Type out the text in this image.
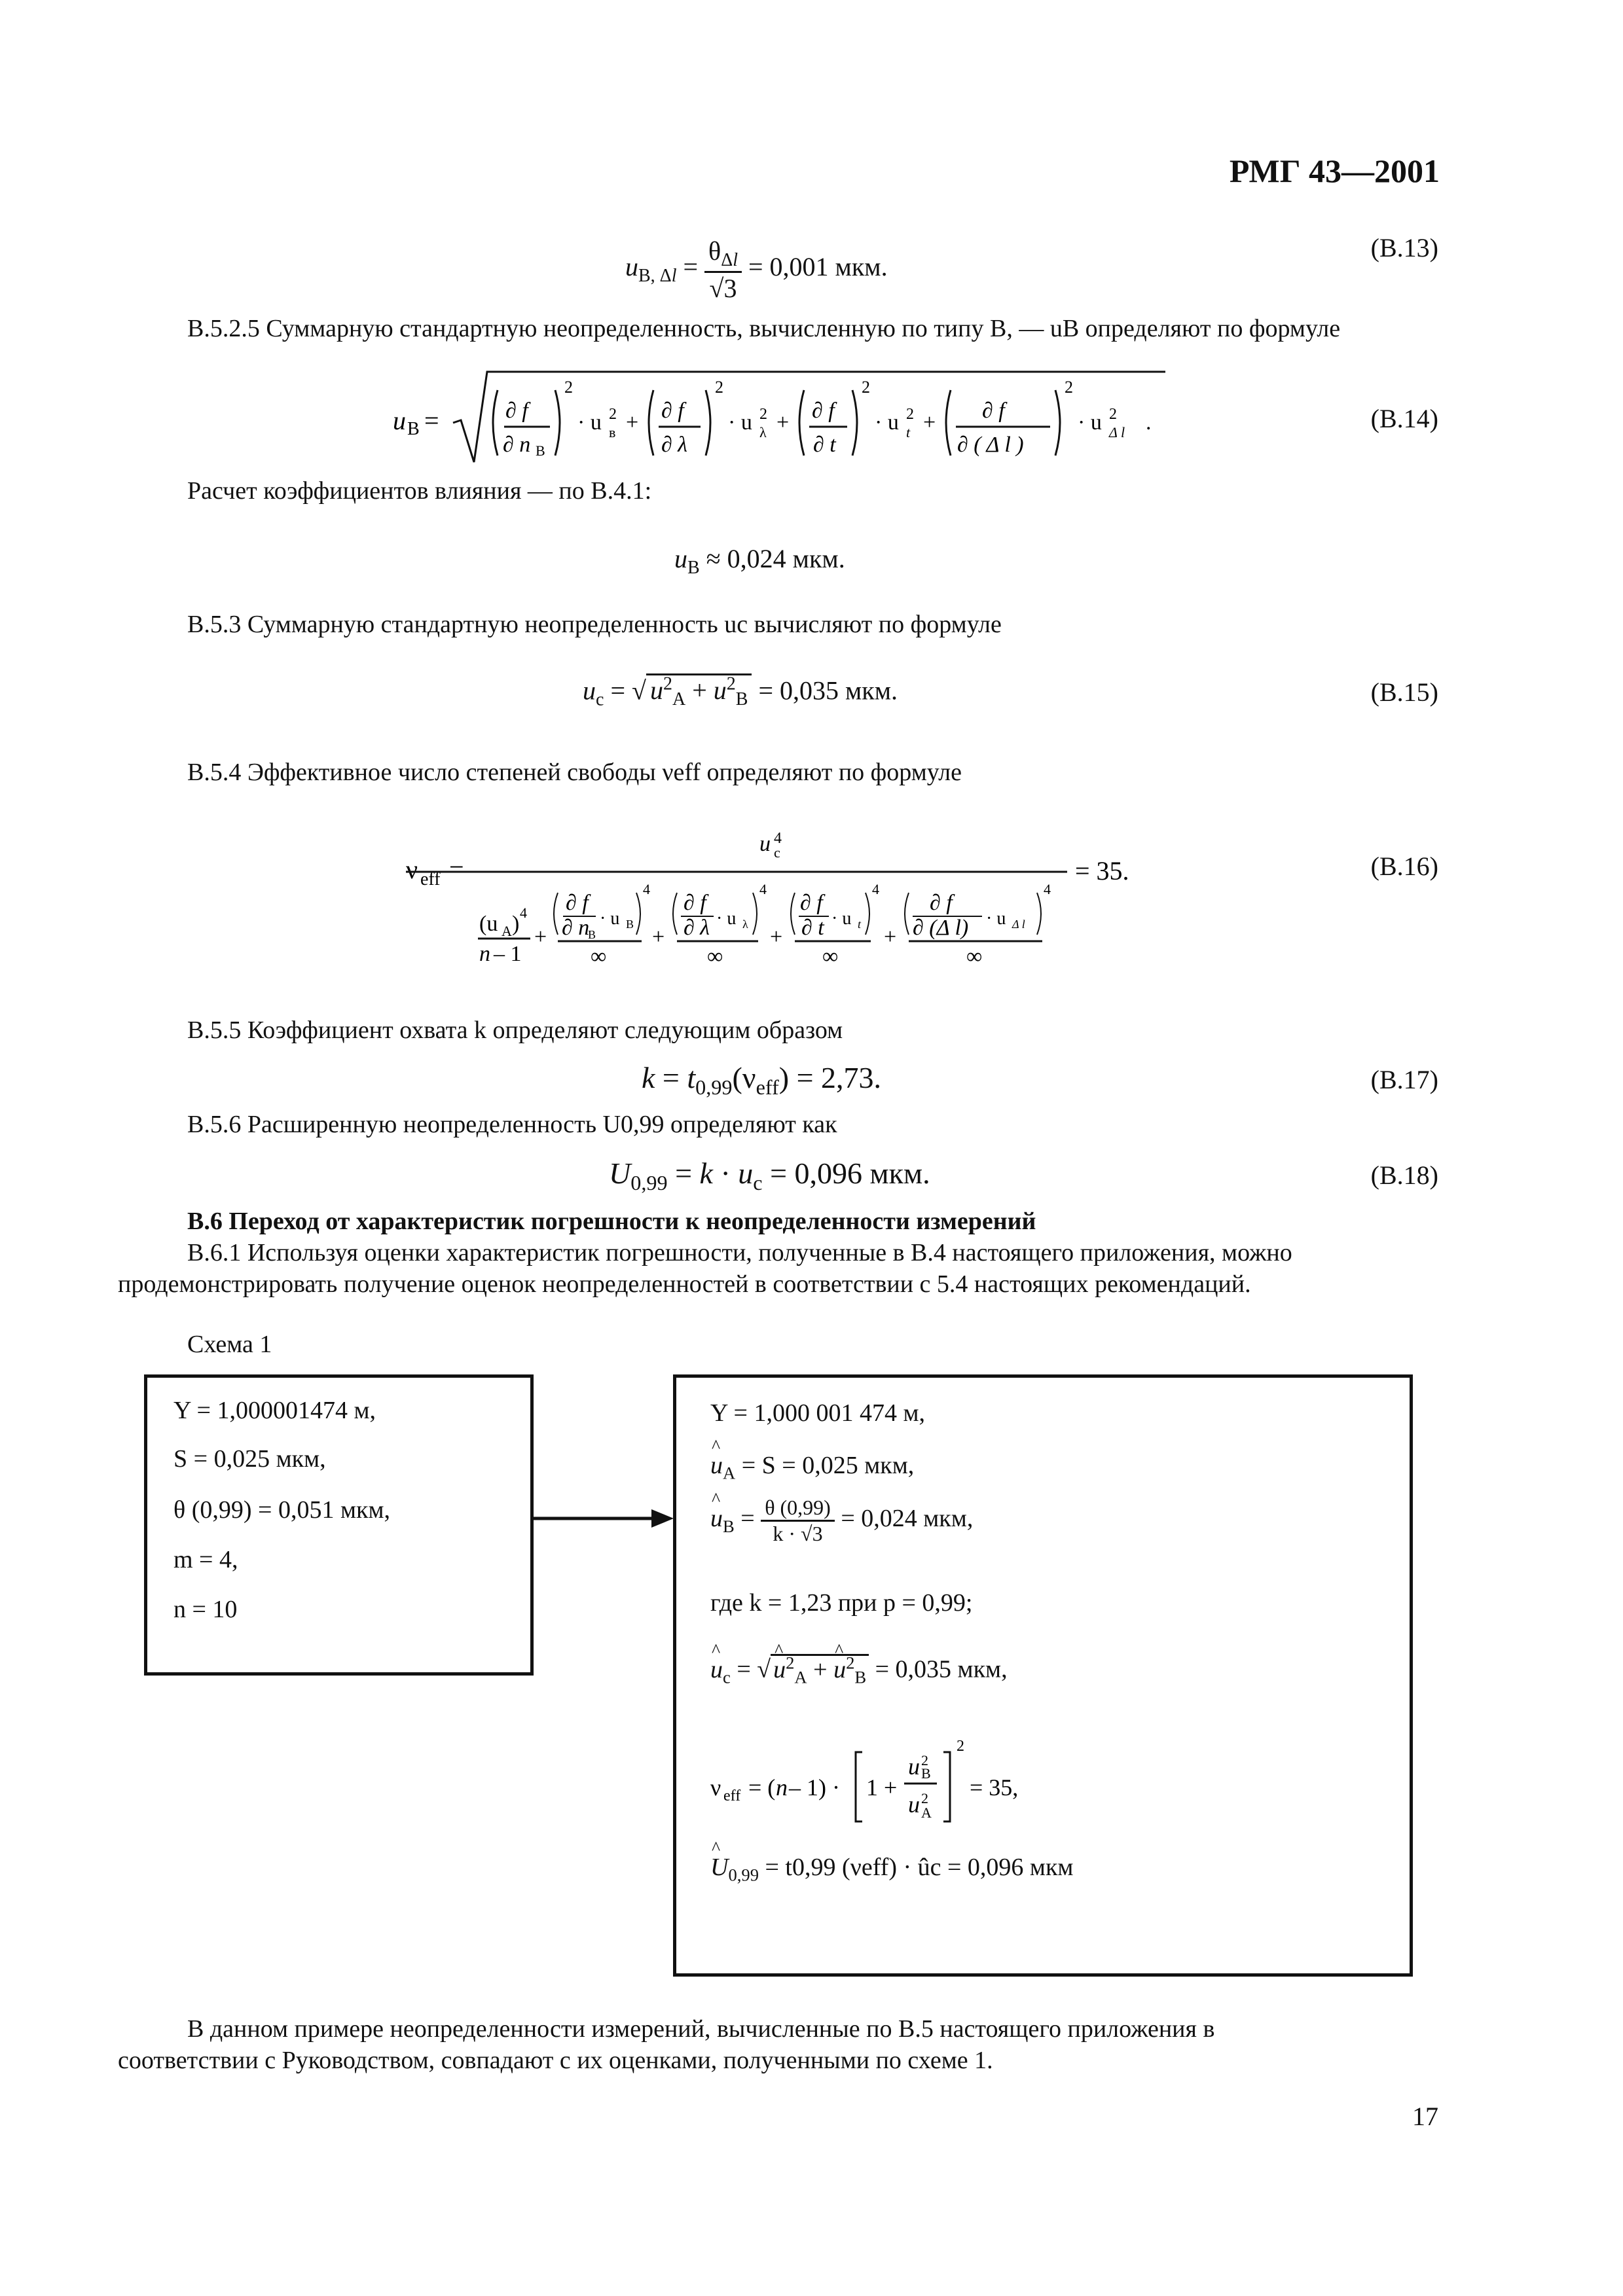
РМГ 43—2001
$u_{B, \Delta l} = \frac{\theta_{\Delta l}}{√3} = 0,001$ мкм.
(В.13)
В.5.2.5 Суммарную стандартную неопределенность, вычисленную по типу В, — uB определяют по формуле
u B =	∂ f
∂ n В
2
· u 2
в + ∂ f
∂ λ
2
· u 2
λ + ∂ f
∂ t
2
· u 2
t + ∂ f
∂ ( Δ l )
2
· u 2
Δ l .	(В.14)
Расчет коэффициентов влияния — по В.4.1:
$u_B \approx 0,024$ мкм.
В.5.3 Суммарную стандартную неопределенность uc вычисляют по формуле
$u_c$ = √ $u^2_A + u^2_B = 0,035$ мкм.	(В.15)
В.5.4 Эффективное число степеней свободы νeff определяют по формуле
ν eff =
u 4
c
= 35.
(u A ) 4
n – 1
+
∂ f
∂ n
В
· u В
4
∞
+
∂ f
∂ λ · u λ
4
∞
+
∂ f
∂ t · u t
4
∞
+
∂ f
∂ (Δ l) · u Δ l
4
∞
(В.16)
В.5.5 Коэффициент охвата k определяют следующим образом
$k = t_{0,99}(\nu_{eff}) = 2,73$.	(В.17)
В.5.6 Расширенную неопределенность U0,99 определяют как
$U_{0,99} = k \cdot u_c = 0,096$ мкм.	(В.18)
В.6 Переход от характеристик погрешности к неопределенности измерений
В.6.1 Используя оценки характеристик погрешности, полученные в В.4 настоящего приложения, можно
продемонстрировать получение оценок неопределенностей в соответствии с 5.4 настоящих рекомендаций.
Схема 1
Y = 1,000001474 м,
S = 0,025 мкм,
θ (0,99) = 0,051 мкм,
m = 4,
n = 10
Y = 1,000 001 474 м,
^ $u_A = S = 0,025$ мкм,
^ $u_B = \frac{\theta (0,99)}{k \cdot √3} = 0,024$ мкм,
где k = 1,23 при p = 0,99;
^ $u_c$ = √^ $u^2_A$ + ^ $u^2_B = 0,035$ мкм,
ν eff = ( n – 1) · 1 +
u 2
B
u 2
A
2
= 35,
^ $U_{0,99} = t0,99$ (νeff) · ûc = 0,096 мкм
В данном примере неопределенности измерений, вычисленные по В.5 настоящего приложения в
соответствии с Руководством, совпадают с их оценками, полученными по схеме 1.
17
